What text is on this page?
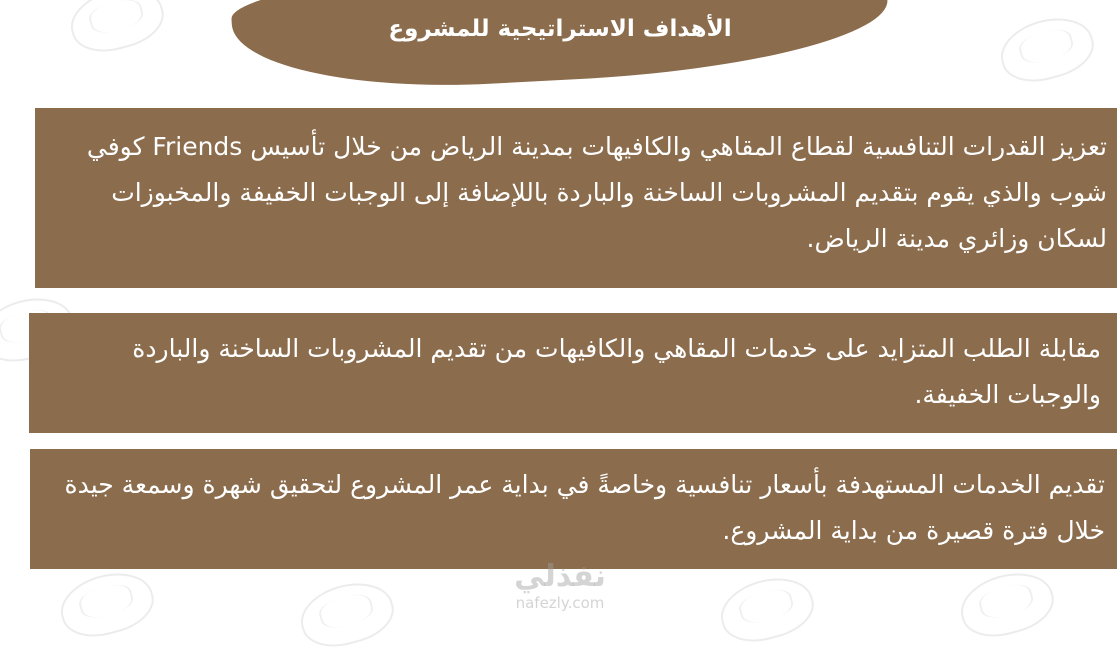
الأهداف الاستراتيجية للمشروع
تعزيز القدرات التنافسية لقطاع المقاهي والكافيهات بمدينة الرياض من خلال تأسيس Friends كوفي شوب والذي يقوم بتقديم المشروبات الساخنة والباردة باللإضافة إلى الوجبات الخفيفة والمخبوزات لسكان وزائري مدينة الرياض.
مقابلة الطلب المتزايد على خدمات المقاهي والكافيهات من تقديم المشروبات الساخنة والباردة والوجبات الخفيفة.
تقديم الخدمات المستهدفة بأسعار تنافسية وخاصةً في بداية عمر المشروع لتحقيق شهرة وسمعة جيدة خلال فترة قصيرة من بداية المشروع.
نفذلي
nafezly.com
